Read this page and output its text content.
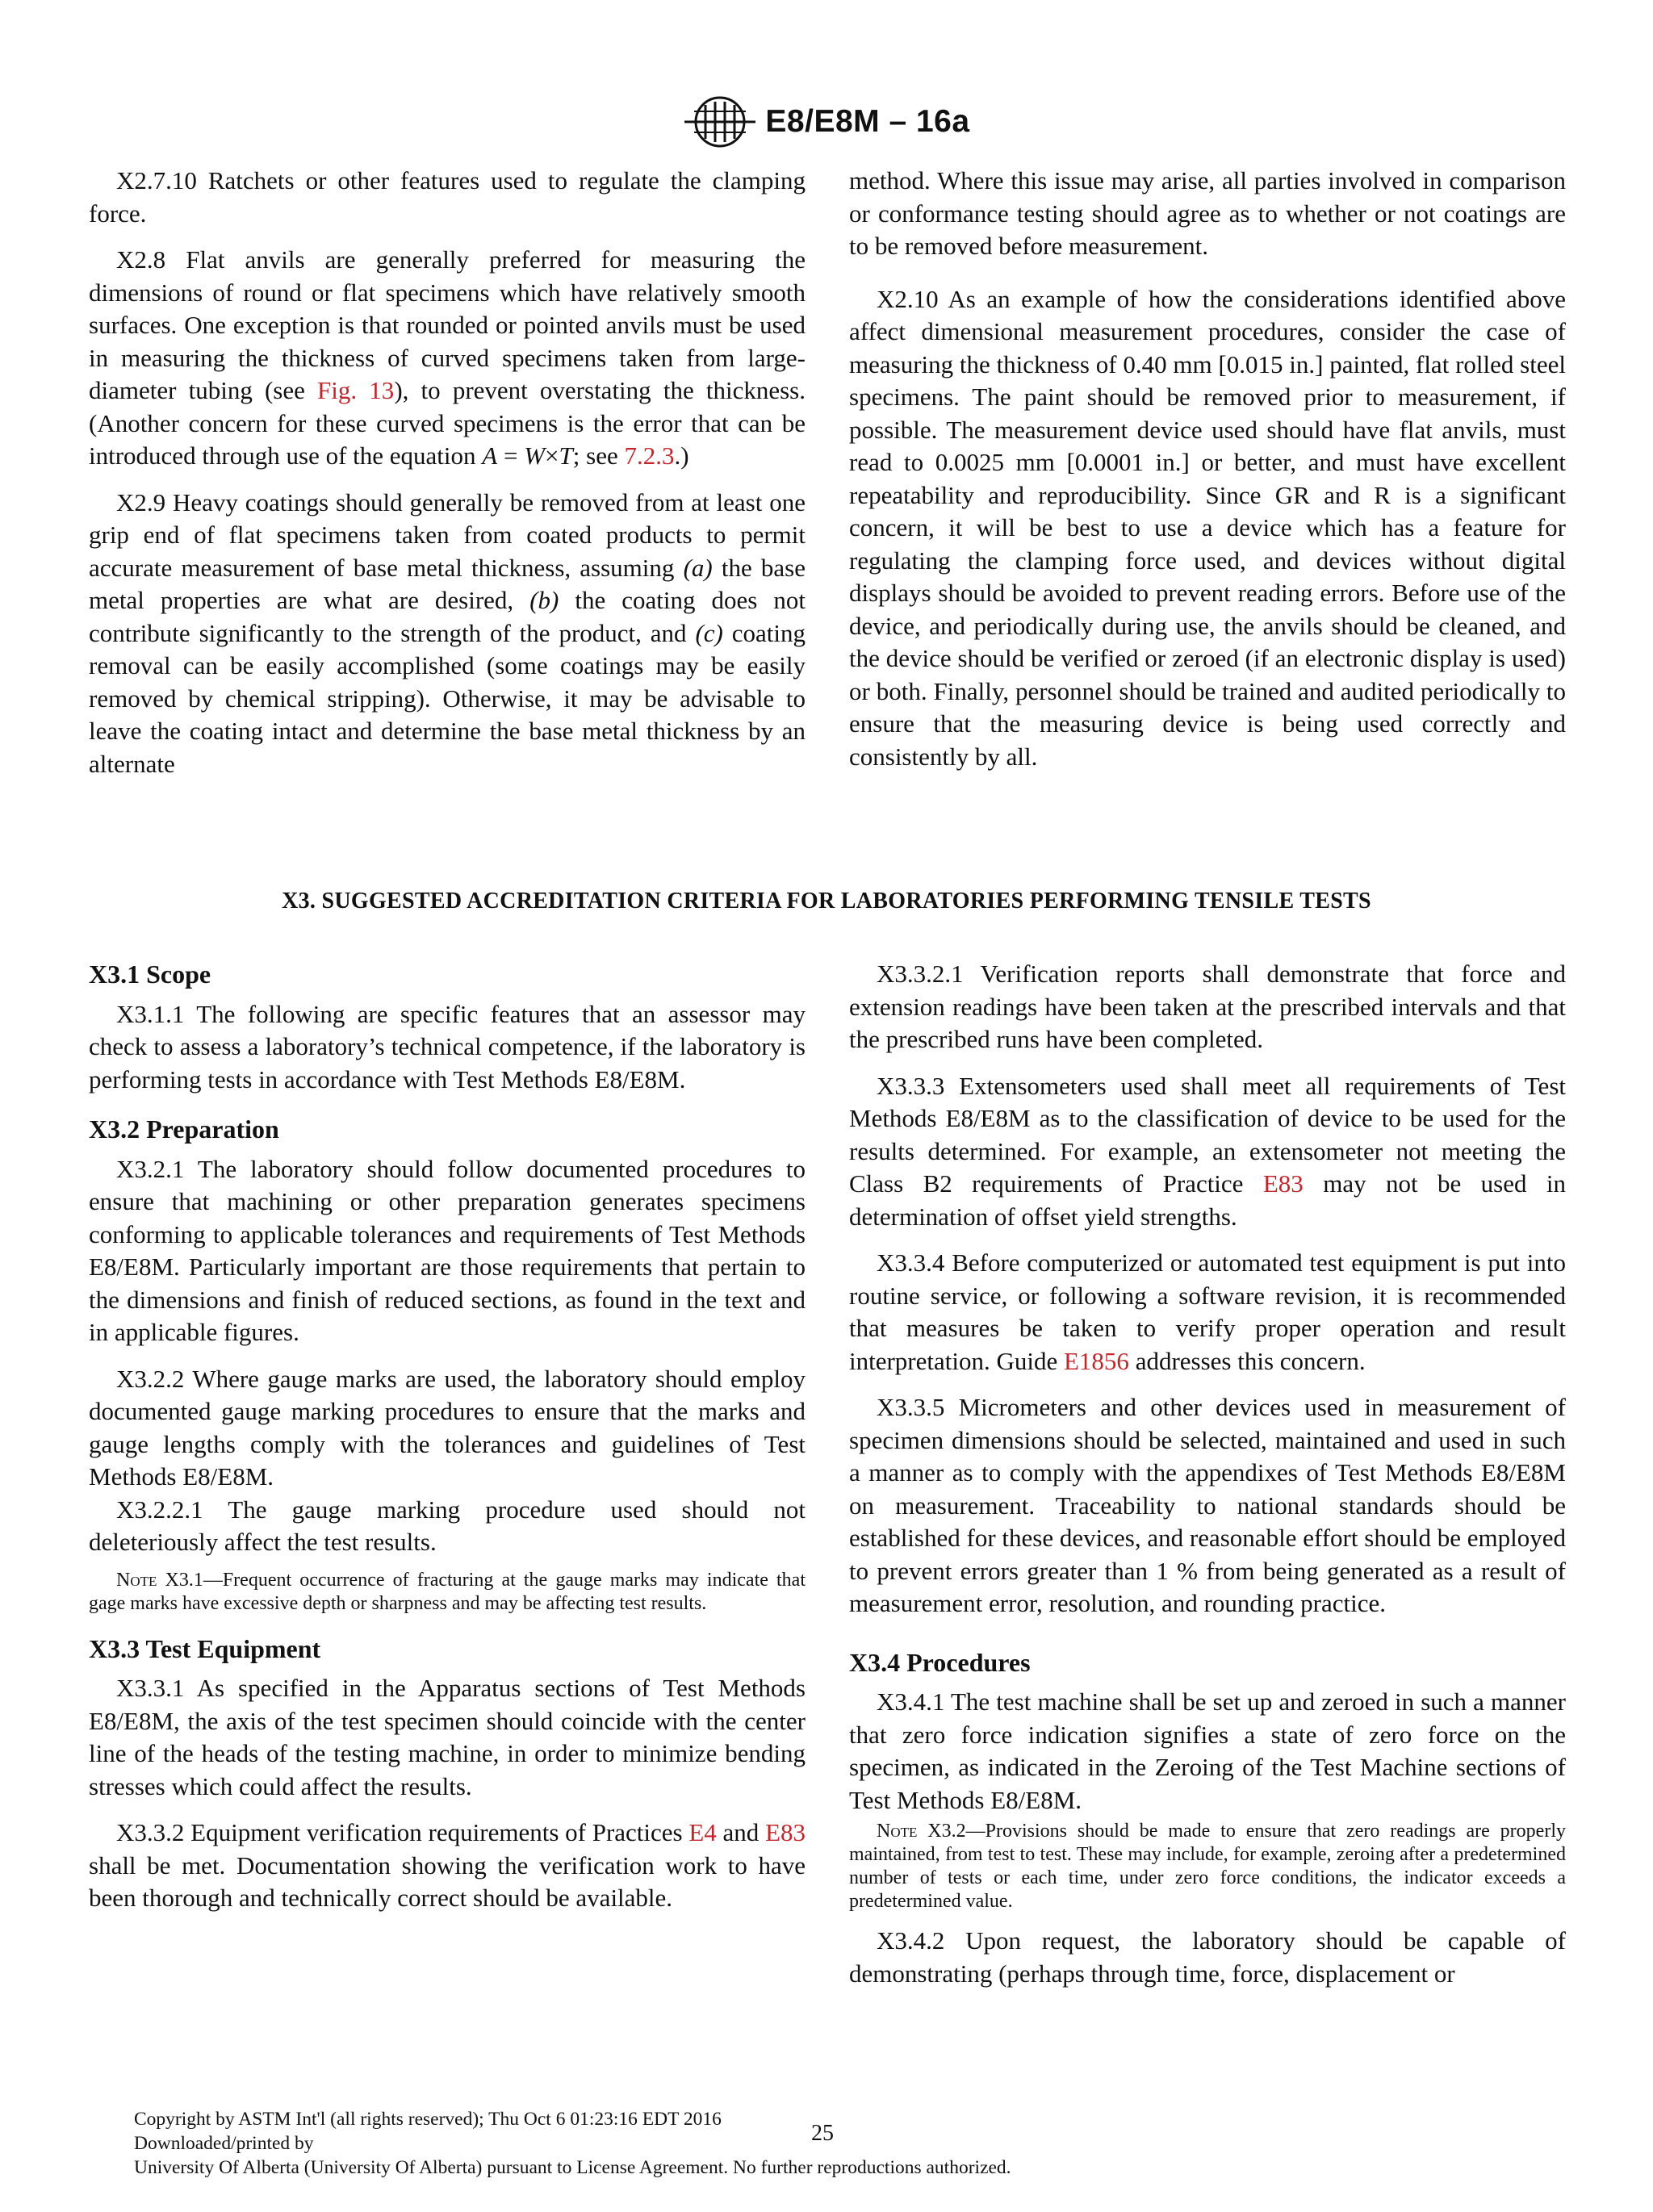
E8/E8M – 16a

X2.7.10 Ratchets or other features used to regulate the clamping force.

X2.8 Flat anvils are generally preferred for measuring the dimensions of round or flat specimens which have relatively smooth surfaces. One exception is that rounded or pointed anvils must be used in measuring the thickness of curved specimens taken from large-diameter tubing (see Fig. 13), to prevent overstating the thickness. (Another concern for these curved specimens is the error that can be introduced through use of the equation A = W×T; see 7.2.3.)

X2.9 Heavy coatings should generally be removed from at least one grip end of flat specimens taken from coated products to permit accurate measurement of base metal thickness, assuming (a) the base metal properties are what are desired, (b) the coating does not contribute significantly to the strength of the product, and (c) coating removal can be easily accomplished (some coatings may be easily removed by chemical stripping). Otherwise, it may be advisable to leave the coating intact and determine the base metal thickness by an alternate

method. Where this issue may arise, all parties involved in comparison or conformance testing should agree as to whether or not coatings are to be removed before measurement.

X2.10 As an example of how the considerations identified above affect dimensional measurement procedures, consider the case of measuring the thickness of 0.40 mm [0.015 in.] painted, flat rolled steel specimens. The paint should be removed prior to measurement, if possible. The measurement device used should have flat anvils, must read to 0.0025 mm [0.0001 in.] or better, and must have excellent repeatability and reproducibility. Since GR and R is a significant concern, it will be best to use a device which has a feature for regulating the clamping force used, and devices without digital displays should be avoided to prevent reading errors. Before use of the device, and periodically during use, the anvils should be cleaned, and the device should be verified or zeroed (if an electronic display is used) or both. Finally, personnel should be trained and audited periodically to ensure that the measuring device is being used correctly and consistently by all.

X3. SUGGESTED ACCREDITATION CRITERIA FOR LABORATORIES PERFORMING TENSILE TESTS
X3.1 Scope

X3.1.1 The following are specific features that an assessor may check to assess a laboratory’s technical competence, if the laboratory is performing tests in accordance with Test Methods E8/E8M.

X3.2 Preparation

X3.2.1 The laboratory should follow documented procedures to ensure that machining or other preparation generates specimens conforming to applicable tolerances and requirements of Test Methods E8/E8M. Particularly important are those requirements that pertain to the dimensions and finish of reduced sections, as found in the text and in applicable figures.

X3.2.2 Where gauge marks are used, the laboratory should employ documented gauge marking procedures to ensure that the marks and gauge lengths comply with the tolerances and guidelines of Test Methods E8/E8M.

X3.2.2.1 The gauge marking procedure used should not deleteriously affect the test results.

Note X3.1—Frequent occurrence of fracturing at the gauge marks may indicate that gage marks have excessive depth or sharpness and may be affecting test results.
X3.3 Test Equipment

X3.3.1 As specified in the Apparatus sections of Test Methods E8/E8M, the axis of the test specimen should coincide with the center line of the heads of the testing machine, in order to minimize bending stresses which could affect the results.

X3.3.2 Equipment verification requirements of Practices E4 and E83 shall be met. Documentation showing the verification work to have been thorough and technically correct should be available.

X3.3.2.1 Verification reports shall demonstrate that force and extension readings have been taken at the prescribed intervals and that the prescribed runs have been completed.

X3.3.3 Extensometers used shall meet all requirements of Test Methods E8/E8M as to the classification of device to be used for the results determined. For example, an extensometer not meeting the Class B2 requirements of Practice E83 may not be used in determination of offset yield strengths.

X3.3.4 Before computerized or automated test equipment is put into routine service, or following a software revision, it is recommended that measures be taken to verify proper operation and result interpretation. Guide E1856 addresses this concern.

X3.3.5 Micrometers and other devices used in measurement of specimen dimensions should be selected, maintained and used in such a manner as to comply with the appendixes of Test Methods E8/E8M on measurement. Traceability to national standards should be established for these devices, and reasonable effort should be employed to prevent errors greater than 1 % from being generated as a result of measurement error, resolution, and rounding practice.

X3.4 Procedures

X3.4.1 The test machine shall be set up and zeroed in such a manner that zero force indication signifies a state of zero force on the specimen, as indicated in the Zeroing of the Test Machine sections of Test Methods E8/E8M.

Note X3.2—Provisions should be made to ensure that zero readings are properly maintained, from test to test. These may include, for example, zeroing after a predetermined number of tests or each time, under zero force conditions, the indicator exceeds a predetermined value.

X3.4.2 Upon request, the laboratory should be capable of demonstrating (perhaps through time, force, displacement or

25
Copyright by ASTM Int'l (all rights reserved); Thu Oct 6 01:23:16 EDT 2016
Downloaded/printed by
University Of Alberta (University Of Alberta) pursuant to License Agreement. No further reproductions authorized.
